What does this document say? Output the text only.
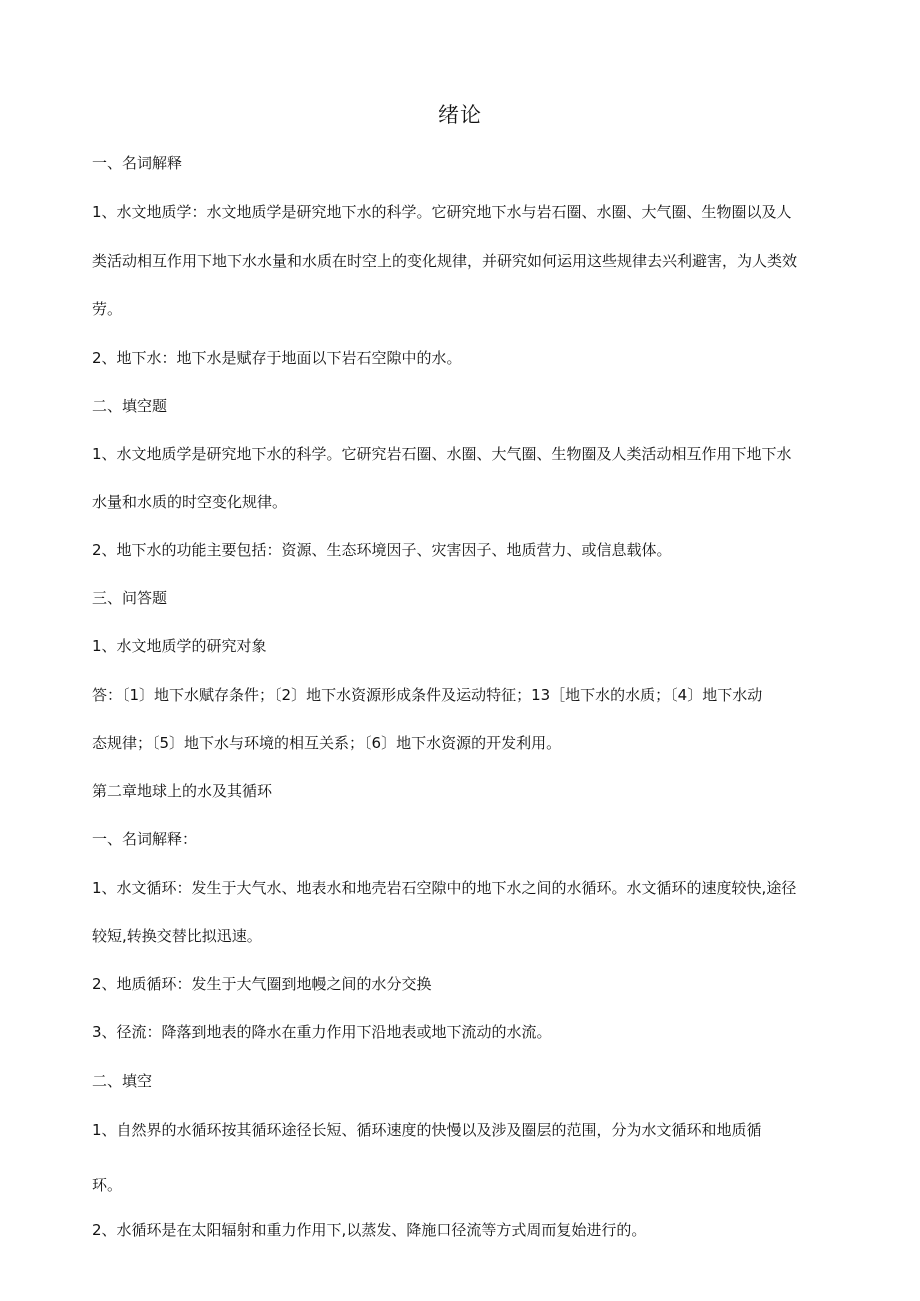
绪论
一、名词解释
1、水文地质学：水文地质学是研究地下水的科学。它研究地下水与岩石圈、水圈、大气圈、生物圈以及人
类活动相互作用下地下水水量和水质在时空上的变化规律，并研究如何运用这些规律去兴利避害，为人类效
劳。
2、地下水：地下水是赋存于地面以下岩石空隙中的水。
二、填空题
1、水文地质学是研究地下水的科学。它研究岩石圈、水圈、大气圈、生物圈及人类活动相互作用下地下水
水量和水质的时空变化规律。
2、地下水的功能主要包括：资源、生态环境因子、灾害因子、地质营力、或信息载体。
三、问答题
1、水文地质学的研究对象
答：〔1〕地下水赋存条件；〔2〕地下水资源形成条件及运动特征；13［地下水的水质；〔4〕地下水动
态规律；〔5〕地下水与环境的相互关系；〔6〕地下水资源的开发利用。
第二章地球上的水及其循环
一、名词解释：
1、水文循环：发生于大气水、地表水和地壳岩石空隙中的地下水之间的水循环。水文循环的速度较快,途径
较短,转换交替比拟迅速。
2、地质循环：发生于大气圈到地幔之间的水分交换
3、径流：降落到地表的降水在重力作用下沿地表或地下流动的水流。
二、填空
1、自然界的水循环按其循环途径长短、循环速度的快慢以及涉及圈层的范围，分为水文循环和地质循
环。
2、水循环是在太阳辐射和重力作用下,以蒸发、降施口径流等方式周而复始进行的。
